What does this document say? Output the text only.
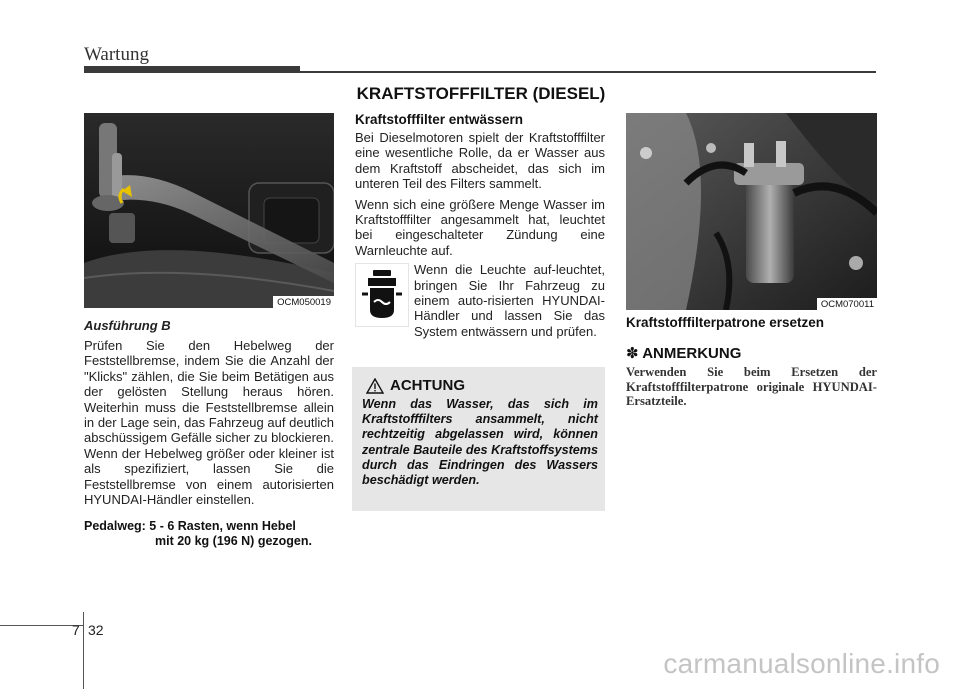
Wartung
KRAFTSTOFFFILTER (DIESEL)
OCM050019

Ausführung B

Prüfen Sie den Hebelweg der Feststellbremse, indem Sie die Anzahl der "Klicks" zählen, die Sie beim Betätigen aus der gelösten Stellung heraus hören. Weiterhin muss die Feststellbremse allein in der Lage sein, das Fahrzeug auf deutlich abschüssigem Gefälle sicher zu blockieren. Wenn der Hebelweg größer oder kleiner ist als spezifiziert, lassen Sie die Feststellbremse von einem autorisierten HYUNDAI-Händler einstellen.

Pedalweg: 5 - 6 Rasten, wenn Hebel
mit 20 kg (196 N) gezogen.

Kraftstofffilter entwässern

Bei Dieselmotoren spielt der Kraftstofffilter eine wesentliche Rolle, da er Wasser aus dem Kraftstoff abscheidet, das sich im unteren Teil des Filters sammelt.

Wenn sich eine größere Menge Wasser im Kraftstofffilter angesammelt hat, leuchtet bei eingeschalteter Zündung eine Warnleuchte auf.

Wenn die Leuchte auf-leuchtet, bringen Sie Ihr Fahrzeug zu einem auto-risierten HYUNDAI-Händler und lassen Sie das System entwässern und prüfen.

ACHTUNG
Wenn das Wasser, das sich im Kraftstofffilters ansammelt, nicht rechtzeitig abgelassen wird, können zentrale Bauteile des Kraftstoffsystems durch das Eindringen des Wassers beschädigt werden.
OCM070011

Kraftstofffilterpatrone ersetzen

✽ ANMERKUNG

Verwenden Sie beim Ersetzen der Kraftstofffilterpatrone originale HYUNDAI-Ersatzteile.

7 32
carmanualsonline.info
